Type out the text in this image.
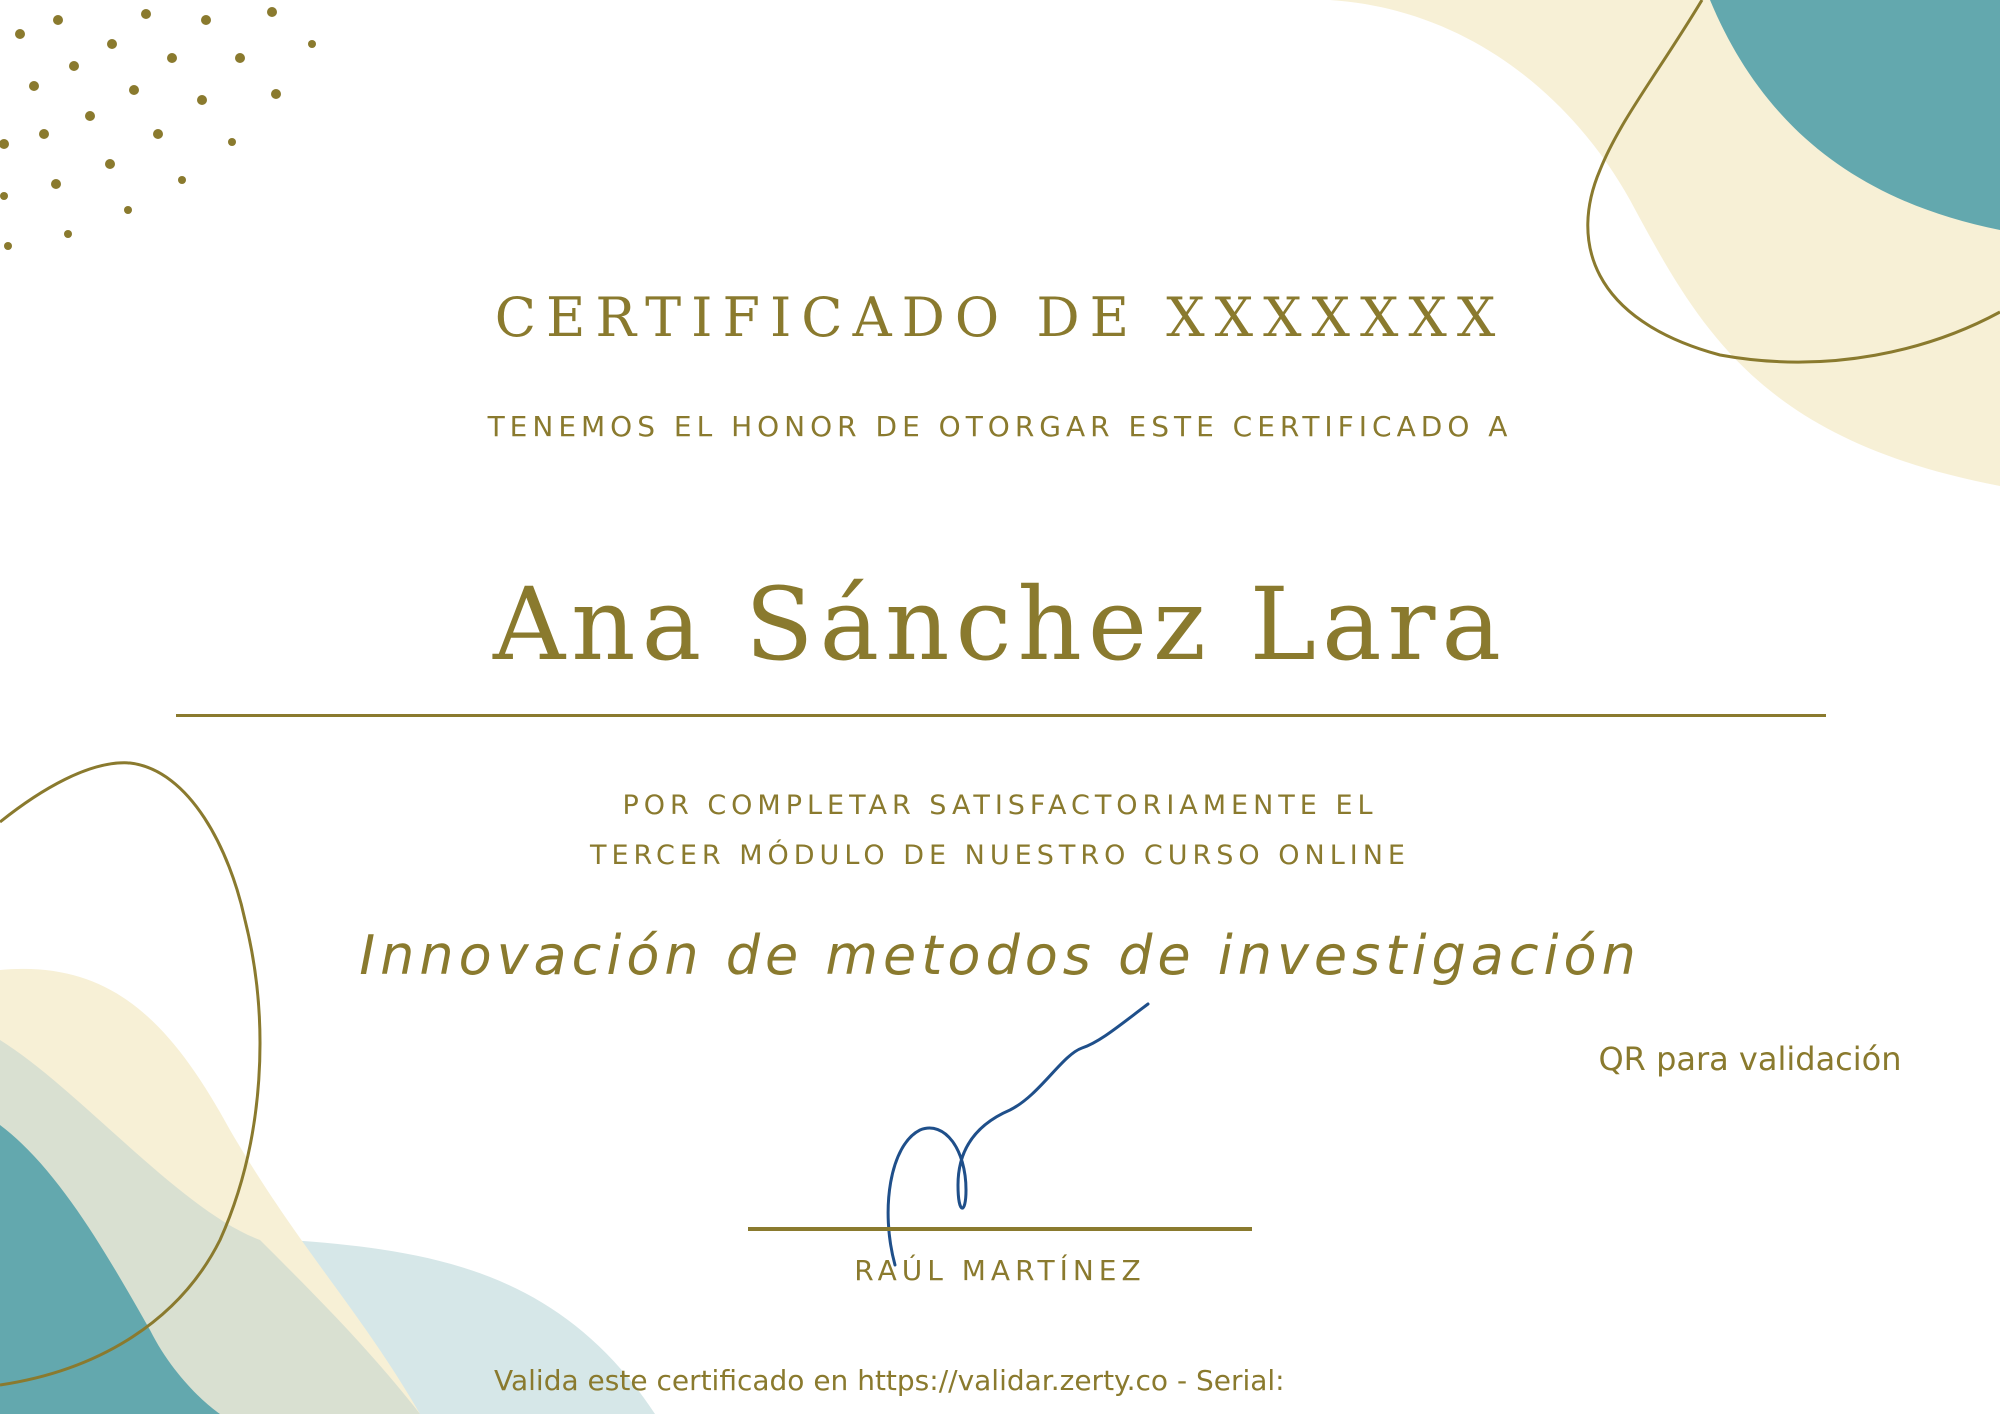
CERTIFICADO DE XXXXXXX
TENEMOS EL HONOR DE OTORGAR ESTE CERTIFICADO A
Ana Sánchez Lara
POR COMPLETAR SATISFACTORIAMENTE EL
TERCER MÓDULO DE NUESTRO CURSO ONLINE
Innovación de metodos de investigación
QR para validación
RAÚL MARTÍNEZ
Valida este certificado en https://validar.zerty.co - Serial:
